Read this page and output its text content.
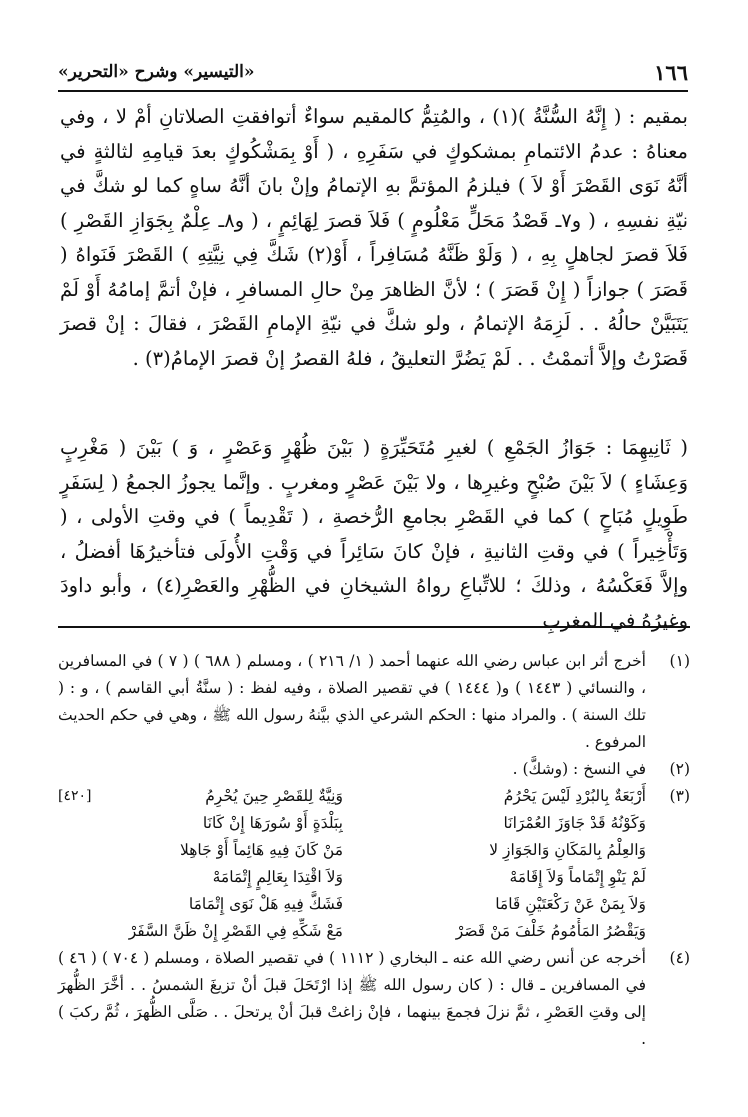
«التيسير» وشرح «التحرير»	١٦٦

بمقيم : ( إِنَّهُ السُّنَّةُ )(١) ، والمُتِمُّ كالمقيم سواءٌ أتوافقتِ الصلاتانِ أمْ لا ، وفي معناهُ : عدمُ الائتمامِ بمشكوكٍ في سَفَرِهِ ، ( أَوْ بِمَشْكُوكٍ بعدَ قيامِهِ لثالثةٍ في أنَّهُ نَوَى القَصْرَ أَوْ لاَ ) فيلزمُ المؤتمَّ بهِ الإتمامُ وإنْ بانَ أنَّهُ ساهٍ كما لو شكَّ في نيّةِ نفسِهِ ، ( و٧ـ قَصْدُ مَحَلٍّ مَعْلُومٍ ) فَلاَ قصرَ لِهَائِمٍ ، ( و٨ـ عِلْمٌ بِجَوَازِ القَصْرِ ) فَلاَ قصرَ لجاهلٍ بِهِ ، ( وَلَوْ ظَنَّهُ مُسَافِراً ، أَوْ(٢) شَكَّ فِي نِيَّتِهِ ) القَصْرَ فَنَواهُ ( قَصَرَ ) جوازاً ( إِنْ قَصَرَ ) ؛ لأنَّ الظاهرَ مِنْ حالِ المسافرِ ، فإنْ أتمَّ إمامُهُ أَوْ لَمْ يَتَبَيَّنْ حالُهُ . . لَزِمَهُ الإتمامُ ، ولو شكَّ في نيّةِ الإمامِ القَصْرَ ، فقالَ : إنْ قصرَ قَصَرْتُ وإلاَّ أتممْتُ . . لَمْ يَضُرَّ التعليقُ ، فلهُ القصرُ إنْ قصرَ الإمامُ(٣) .

( ثَانِيهِمَا : جَوَازُ الجَمْعِ ) لغيرِ مُتَحَيِّرَةٍ ( بَيْنَ ظُهْرٍ وَعَصْرٍ ، وَ ) بَيْنَ ( مَغْرِبٍ وَعِشَاءٍ ) لاَ بَيْنَ صُبْحٍ وغيرِها ، ولا بَيْنَ عَصْرٍ ومغربٍ . وإنَّما يجوزُ الجمعُ ( لِسَفَرٍ طَوِيلٍ مُبَاحٍ ) كما في القَصْرِ بجامعِ الرُّخصةِ ، ( تَقْدِيماً ) في وقتِ الأولى ، ( وَتَأْخِيراً ) في وقتِ الثانيةِ ، فإنْ كانَ سَائِراً في وَقْتِ الأُولَى فتأخيرُهَا أفضلُ ، وإلاَّ فَعَكْسُهُ ، وذلكَ ؛ للاتِّباعِ رواهُ الشيخانِ في الظُّهْرِ والعَصْرِ(٤) ، وأبو داودَ وغيرُهُ في المغربِ

(١)

أخرج أثر ابن عباس رضي الله عنهما أحمد ( ١/ ٢١٦ ) ، ومسلم ( ٦٨٨ ) ( ٧ ) في المسافرين ، والنسائي ( ١٤٤٣ ) و( ١٤٤٤ ) في تقصير الصلاة ، وفيه لفظ : ( سنَّةُ أبي القاسم ) ، و : ( تلك السنة ) . والمراد منها : الحكم الشرعي الذي بيَّنهُ رسول الله ﷺ ، وهي في حكم الحديث المرفوع .

(٢)

في النسخ : (وشكَّ) .

(٣)
أَرْبَعَةٌ بِالبُرْدِ لَيْسَ يَحْرُمُ
وَنِيَّةٌ لِلقَصْرِ حِينَ يُحْرِمُ
وَكَوْنُهُ قَدْ جَاوَزَ العُمْرَانَا
بِبَلْدَةٍ أَوْ سُورَهَا إِنْ كَانَا
وَالعِلْمُ بِالمَكَانِ وَالجَوَازِ لا
مَنْ كَانَ فِيهِ هَائِماً أَوْ جَاهِلا
لَمْ يَنْوِ إِتْمَاماً وَلاَ إِقَامَهْ
وَلاَ اقْتِدَا بِعَالِمٍ إِتْمَامَهْ
وَلاَ بِمَنْ عَنْ رَكْعَتَيْنِ قَامَا
فَشَكَّ فِيهِ هَلْ نَوَى إِتْمَامَا
وَيَقْصُرُ المَأْمُومُ خَلْفَ مَنْ قَصَرْ
مَعْ شَكِّهِ فِي القَصْرِ إِنْ ظَنَّ السَّفَرْ
[٤٢٠]
(٤)

أخرجه عن أنس رضي الله عنه ـ البخاري ( ١١١٢ ) في تقصير الصلاة ، ومسلم ( ٧٠٤ ) ( ٤٦ ) في المسافرين ـ قال : ( كان رسول الله ﷺ إذا ارْتَحَلَ قبلَ أنْ تزيغَ الشمسُ . . أخَّرَ الظُّهرَ إلى وقتِ العَصْرِ ، ثمَّ نزلَ فجمعَ بينهما ، فإنْ زاغتْ قبلَ أنْ يرتحلَ . . صَلَّى الظُّهرَ ، ثُمَّ ركبَ ) .
